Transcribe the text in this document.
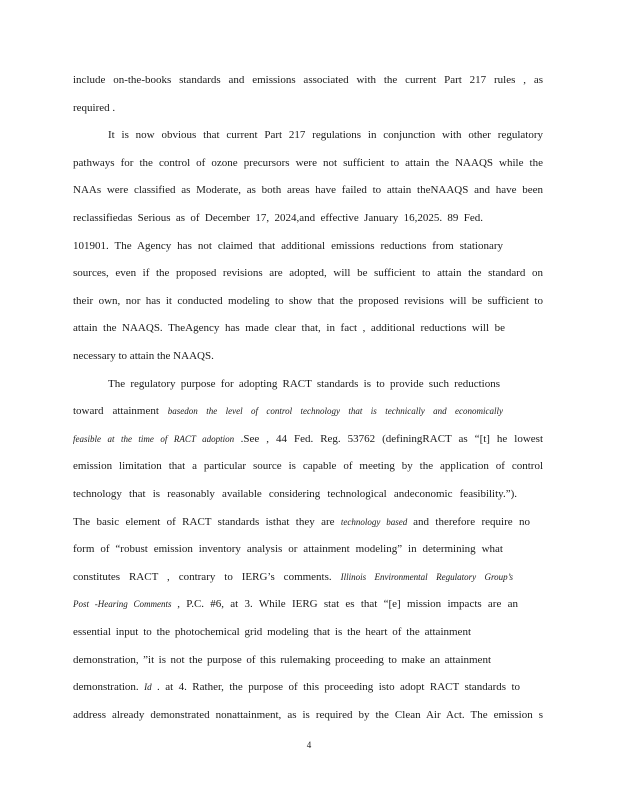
include on-the-books standards and emissions associated with the current Part 217 rules , as
required .
It is now obvious that current Part 217 regulations in conjunction with other regulatory
pathways for the control of ozone precursors were not sufficient to attain the NAAQS while the
NAAs were classified as Moderate, as both areas have failed to attain theNAAQS and have been
reclassifiedas Serious as of December 17, 2024,and effective January 16,2025. 89 Fed.
101901. The Agency has not claimed that additional emissions reductions from stationary
sources, even if the proposed revisions are adopted, will be sufficient to attain the standard on
their own, nor has it conducted modeling to show that the proposed revisions will be sufficient to
attain the NAAQS. TheAgency has made clear that, in fact , additional reductions will be
necessary to attain the NAAQS.
The regulatory purpose for adopting RACT standards is to provide such reductions
toward attainment basedon the level of control technology that is technically and economically
feasible at the time of RACT adoption .See , 44 Fed. Reg. 53762 (definingRACT as “[t] he lowest
emission limitation that a particular source is capable of meeting by the application of control
technology that is reasonably available considering technological andeconomic feasibility.”).
The basic element of RACT standards isthat they are technology based and therefore require no
form of “robust emission inventory analysis or attainment modeling” in determining what
constitutes RACT , contrary to IERG’s comments. Illinois Environmental Regulatory Group’s
Post -Hearing Comments , P.C. #6, at 3. While IERG stat es that “[e] mission impacts are an
essential input to the photochemical grid modeling that is the heart of the attainment
demonstration, ”it is not the purpose of this rulemaking proceeding to make an attainment
demonstration. Id . at 4. Rather, the purpose of this proceeding isto adopt RACT standards to
address already demonstrated nonattainment, as is required by the Clean Air Act. The emission s
4
